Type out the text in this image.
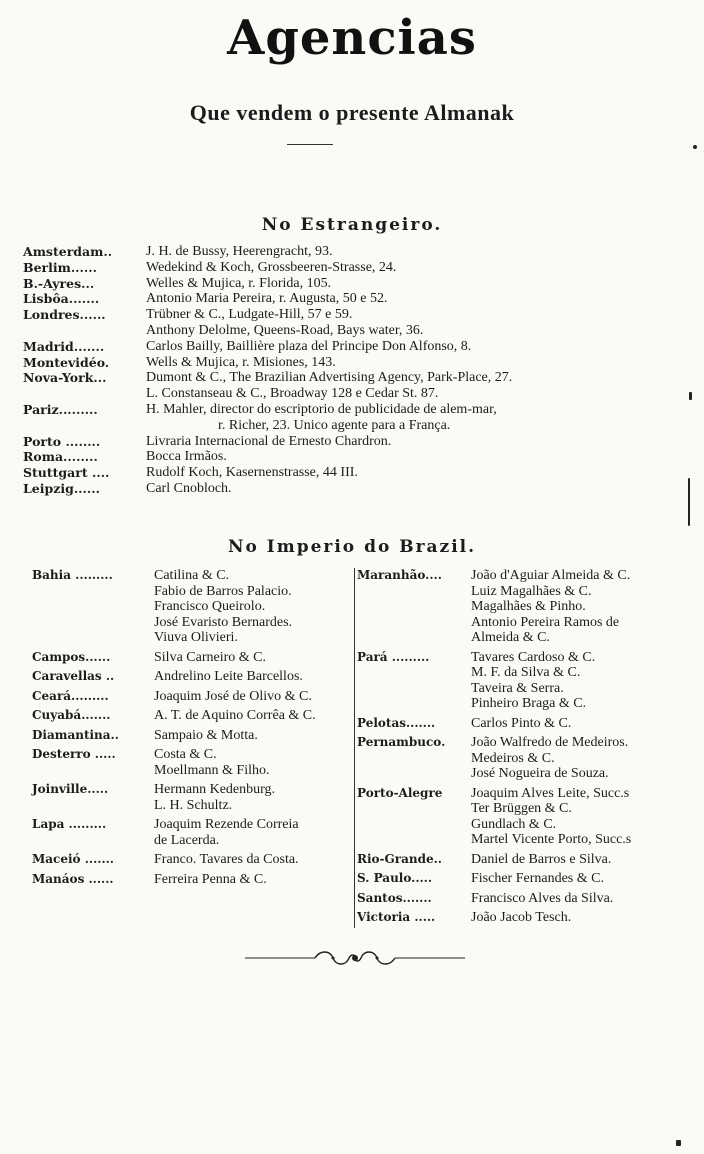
Agencias
Que vendem o presente Almanak
No Estrangeiro.
Amsterdam..	J. H. de Bussy, Heerengracht, 93.
Berlim......	Wedekind & Koch, Grossbeeren-Strasse, 24.
B.-Ayres...	Welles & Mujica, r. Florida, 105.
Lisbôa.......	Antonio Maria Pereira, r. Augusta, 50 e 52.
Londres......	Trübner & C., Ludgate-Hill, 57 e 59.
Anthony Delolme, Queens-Road, Bays water, 36.
Madrid.......	Carlos Bailly, Baillière plaza del Principe Don Alfonso, 8.
Montevidéo.	Wells & Mujica, r. Misiones, 143.
Nova-York...	Dumont & C., The Brazilian Advertising Agency, Park-Place, 27.
L. Constanseau & C., Broadway 128 e Cedar St. 87.
Pariz.........	H. Mahler, director do escriptorio de publicidade de alem-mar,
r. Richer, 23. Unico agente para a França.
Porto ........	Livraria Internacional de Ernesto Chardron.
Roma........	Bocca Irmãos.
Stuttgart ....	Rudolf Koch, Kasernenstrasse, 44 III.
Leipzig......	Carl Cnobloch.
No Imperio do Brazil.
Bahia .........	Catilina & C.
Fabio de Barros Palacio.
Francisco Queirolo.
José Evaristo Bernardes.
Viuva Olivieri.
Campos......	Silva Carneiro & C.
Caravellas ..	Andrelino Leite Barcellos.
Ceará.........	Joaquim José de Olivo & C.
Cuyabá.......	A. T. de Aquino Corrêa & C.
Diamantina..	Sampaio & Motta.
Desterro .....	Costa & C.
Moellmann & Filho.
Joinville.....	Hermann Kedenburg.
L. H. Schultz.
Lapa .........	Joaquim Rezende Correia
de Lacerda.
Maceió .......	Franco. Tavares da Costa.
Manáos ......	Ferreira Penna & C.
Maranhão....	João d'Aguiar Almeida & C.
Luiz Magalhães & C.
Magalhães & Pinho.
Antonio Pereira Ramos de
Almeida & C.
Pará .........	Tavares Cardoso & C.
M. F. da Silva & C.
Taveira & Serra.
Pinheiro Braga & C.
Pelotas.......	Carlos Pinto & C.
Pernambuco.	João Walfredo de Medeiros.
Medeiros & C.
José Nogueira de Souza.
Porto-Alegre	Joaquim Alves Leite, Succ.s
Ter Brüggen & C.
Gundlach & C.
Martel Vicente Porto, Succ.s
Rio-Grande..	Daniel de Barros e Silva.
S. Paulo.....	Fischer Fernandes & C.
Santos.......	Francisco Alves da Silva.
Victoria .....	João Jacob Tesch.
